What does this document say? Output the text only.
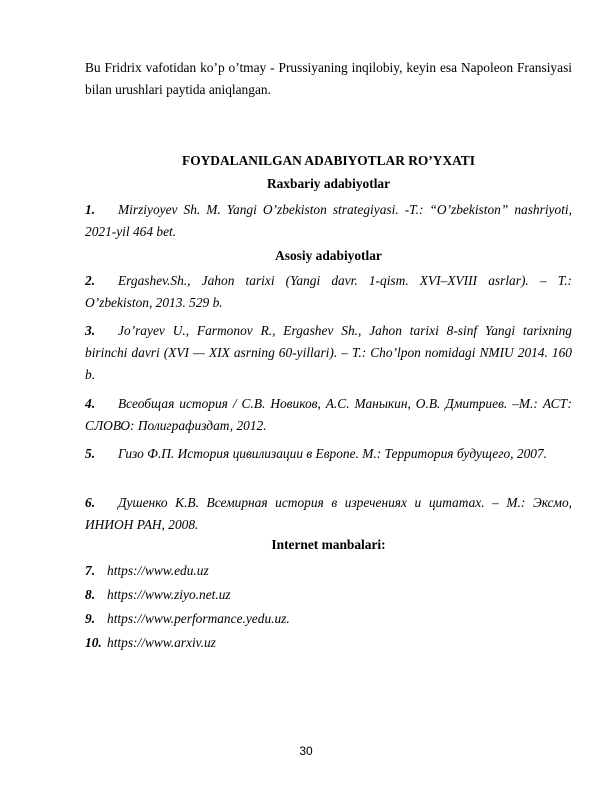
Bu Fridrix vafotidan ko’p o’tmay - Prussiyaning inqilobiy, keyin esa Napoleon Fransiyasi bilan urushlari paytida aniqlangan.
FOYDALANILGAN ADABIYOTLAR RO’YXATI
Raxbariy adabiyotlar
1.	Mirziyoyev Sh. M. Yangi O’zbekiston strategiyasi. -T.: “O’zbekiston” nashriyoti, 2021-yil 464 bet.
Asosiy adabiyotlar
2.	Ergashev.Sh., Jahon tarixi (Yangi davr. 1-qism. XVI–XVIII asrlar). – T.: O’zbekiston, 2013. 529 b.
3.	Jo’rayev U., Farmonov R., Ergashev Sh., Jahon tarixi 8-sinf Yangi tarixning birinchi davri (XVI — XIX asrning 60-yillari). – T.: Cho’lpon nomidagi NMIU 2014. 160 b.
4.	Всеобщая история / С.В. Новиков, А.С. Маныкин, О.В. Дмитриев. –М.: АСТ: СЛОВО: Полиграфиздат, 2012.
5.	Гизо Ф.П. История цивилизации в Европе. М.: Территория будущего, 2007.
6.	Душенко К.В. Всемирная история в изречениях и цитатах. – М.: Эксмо, ИНИОН РАН, 2008.
Internet manbalari:
7. https://www.edu.uz
8. https://www.ziyo.net.uz
9. https://www.performance.yedu.uz.
10. https://www.arxiv.uz
30
